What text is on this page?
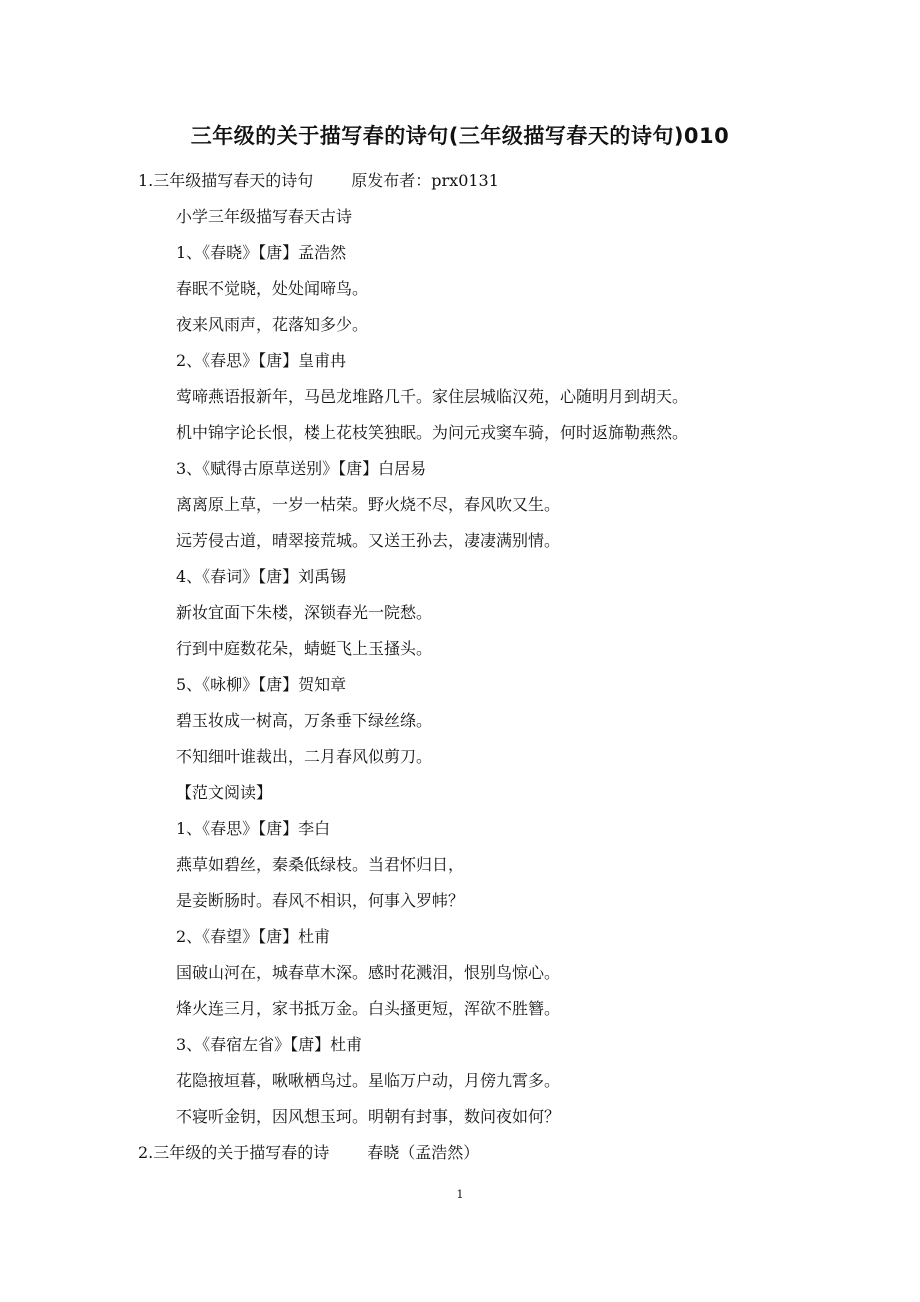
三年级的关于描写春的诗句(三年级描写春天的诗句)010
1.三年级描写春天的诗句 原发布者：prx0131
小学三年级描写春天古诗
1、《春晓》【唐】孟浩然
春眠不觉晓，处处闻啼鸟。
夜来风雨声，花落知多少。
2、《春思》【唐】皇甫冉
莺啼燕语报新年，马邑龙堆路几千。家住层城临汉苑，心随明月到胡天。
机中锦字论长恨，楼上花枝笑独眠。为问元戎窦车骑，何时返旆勒燕然。
3、《赋得古原草送别》【唐】白居易
离离原上草，一岁一枯荣。野火烧不尽，春风吹又生。
远芳侵古道，晴翠接荒城。又送王孙去，凄凄满别情。
4、《春词》【唐】刘禹锡
新妆宜面下朱楼，深锁春光一院愁。
行到中庭数花朵，蜻蜓飞上玉搔头。
5、《咏柳》【唐】贺知章
碧玉妆成一树高，万条垂下绿丝绦。
不知细叶谁裁出，二月春风似剪刀。
【范文阅读】
1、《春思》【唐】李白
燕草如碧丝，秦桑低绿枝。当君怀归日，
是妾断肠时。春风不相识，何事入罗帏？
2、《春望》【唐】杜甫
国破山河在，城春草木深。感时花溅泪，恨别鸟惊心。
烽火连三月，家书抵万金。白头搔更短，浑欲不胜簪。
3、《春宿左省》【唐】杜甫
花隐掖垣暮，啾啾栖鸟过。星临万户动，月傍九霄多。
不寝听金钥，因风想玉珂。明朝有封事，数问夜如何？
2.三年级的关于描写春的诗 春晓（孟浩然）
1
